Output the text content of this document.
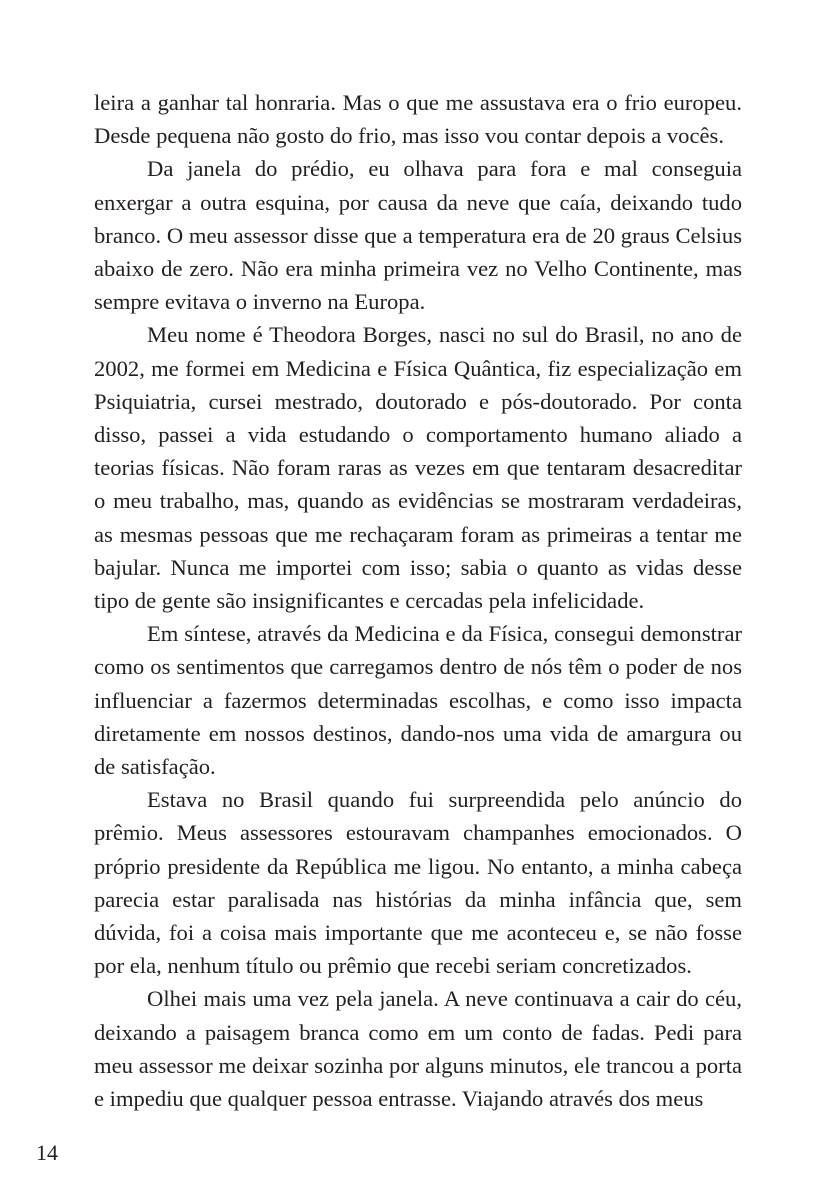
leira a ganhar tal honraria. Mas o que me assustava era o frio europeu. Desde pequena não gosto do frio, mas isso vou contar depois a vocês.

Da janela do prédio, eu olhava para fora e mal conseguia enxergar a outra esquina, por causa da neve que caía, deixando tudo branco. O meu assessor disse que a temperatura era de 20 graus Celsius abaixo de zero. Não era minha primeira vez no Velho Continente, mas sempre evitava o inverno na Europa.

Meu nome é Theodora Borges, nasci no sul do Brasil, no ano de 2002, me formei em Medicina e Física Quântica, fiz especialização em Psiquiatria, cursei mestrado, doutorado e pós-doutorado. Por conta disso, passei a vida estudando o comportamento humano aliado a teorias físicas. Não foram raras as vezes em que tentaram desacreditar o meu trabalho, mas, quando as evidências se mostraram verdadeiras, as mesmas pessoas que me rechaçaram foram as primeiras a tentar me bajular. Nunca me importei com isso; sabia o quanto as vidas desse tipo de gente são insignificantes e cercadas pela infelicidade.

Em síntese, através da Medicina e da Física, consegui demonstrar como os sentimentos que carregamos dentro de nós têm o poder de nos influenciar a fazermos determinadas escolhas, e como isso impacta diretamente em nossos destinos, dando-nos uma vida de amargura ou de satisfação.

Estava no Brasil quando fui surpreendida pelo anúncio do prêmio. Meus assessores estouravam champanhes emocionados. O próprio presidente da República me ligou. No entanto, a minha cabeça parecia estar paralisada nas histórias da minha infância que, sem dúvida, foi a coisa mais importante que me aconteceu e, se não fosse por ela, nenhum título ou prêmio que recebi seriam concretizados.

Olhei mais uma vez pela janela. A neve continuava a cair do céu, deixando a paisagem branca como em um conto de fadas. Pedi para meu assessor me deixar sozinha por alguns minutos, ele trancou a porta e impediu que qualquer pessoa entrasse. Viajando através dos meus

14
